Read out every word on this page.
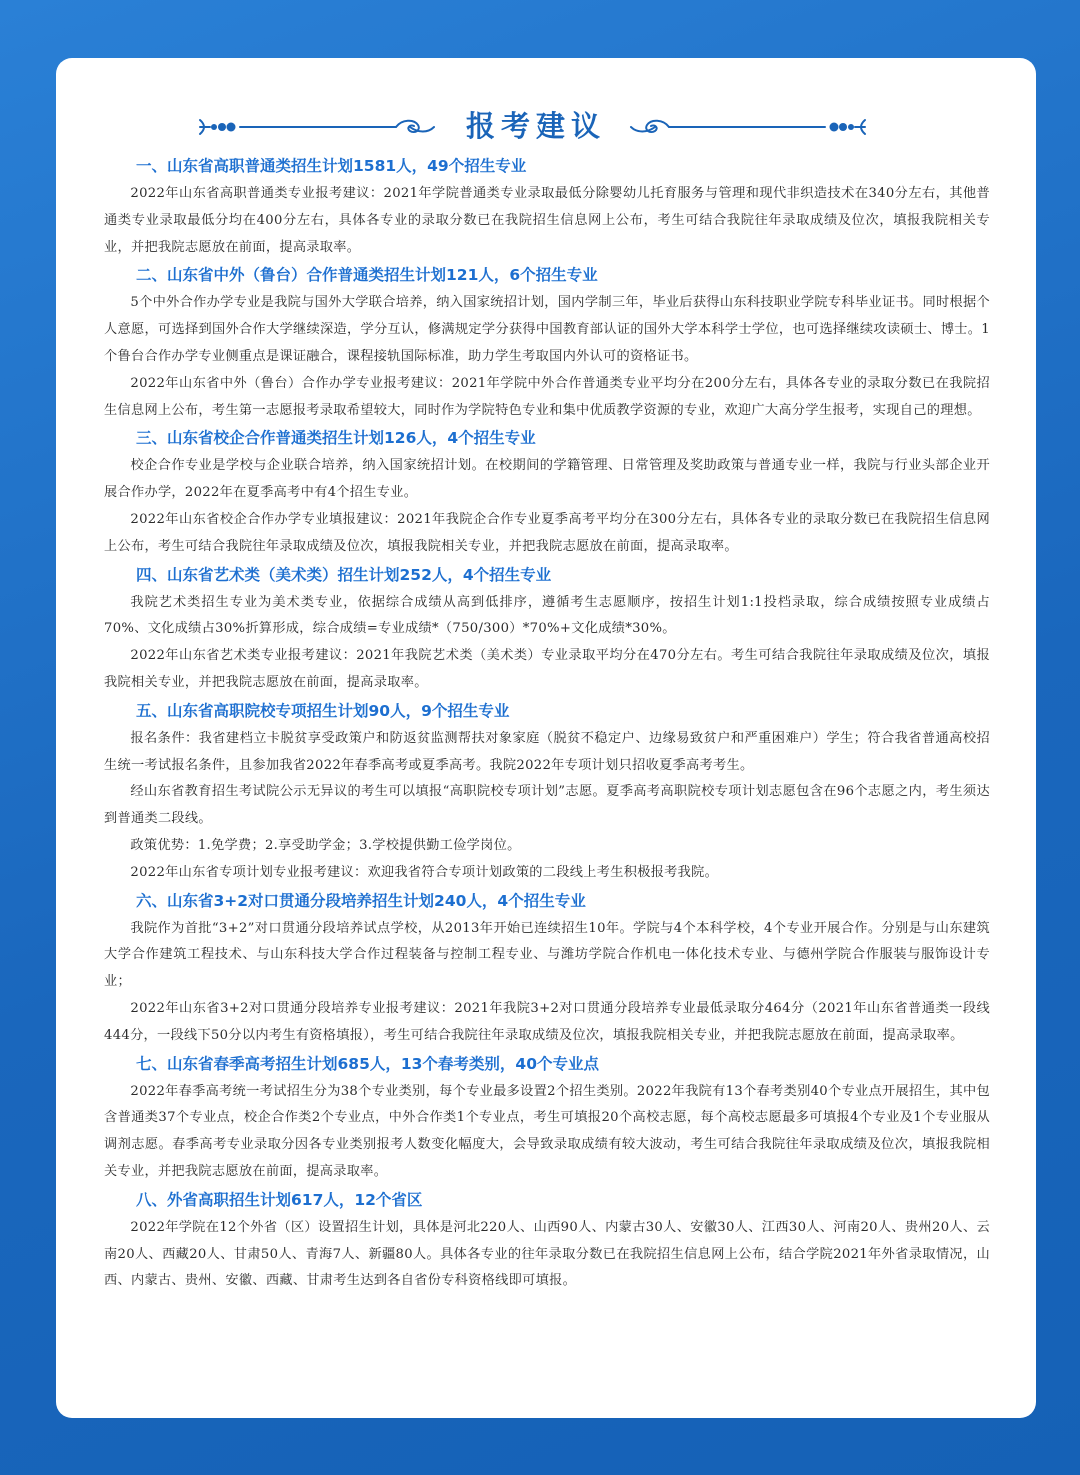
报考建议
一、山东省高职普通类招生计划1581人，49个招生专业

2022年山东省高职普通类专业报考建议：2021年学院普通类专业录取最低分除婴幼儿托育服务与管理和现代非织造技术在340分左右，其他普通类专业录取最低分均在400分左右，具体各专业的录取分数已在我院招生信息网上公布，考生可结合我院往年录取成绩及位次，填报我院相关专业，并把我院志愿放在前面，提高录取率。

二、山东省中外（鲁台）合作普通类招生计划121人，6个招生专业

5个中外合作办学专业是我院与国外大学联合培养，纳入国家统招计划，国内学制三年，毕业后获得山东科技职业学院专科毕业证书。同时根据个人意愿，可选择到国外合作大学继续深造，学分互认，修满规定学分获得中国教育部认证的国外大学本科学士学位，也可选择继续攻读硕士、博士。1个鲁台合作办学专业侧重点是课证融合，课程接轨国际标准，助力学生考取国内外认可的资格证书。

2022年山东省中外（鲁台）合作办学专业报考建议：2021年学院中外合作普通类专业平均分在200分左右，具体各专业的录取分数已在我院招生信息网上公布，考生第一志愿报考录取希望较大，同时作为学院特色专业和集中优质教学资源的专业，欢迎广大高分学生报考，实现自己的理想。

三、山东省校企合作普通类招生计划126人，4个招生专业

校企合作专业是学校与企业联合培养，纳入国家统招计划。在校期间的学籍管理、日常管理及奖助政策与普通专业一样，我院与行业头部企业开展合作办学，2022年在夏季高考中有4个招生专业。

2022年山东省校企合作办学专业填报建议：2021年我院企合作专业夏季高考平均分在300分左右，具体各专业的录取分数已在我院招生信息网上公布，考生可结合我院往年录取成绩及位次，填报我院相关专业，并把我院志愿放在前面，提高录取率。

四、山东省艺术类（美术类）招生计划252人，4个招生专业

我院艺术类招生专业为美术类专业，依据综合成绩从高到低排序，遵循考生志愿顺序，按招生计划1:1投档录取，综合成绩按照专业成绩占70%、文化成绩占30%折算形成，综合成绩=专业成绩*（750/300）*70%+文化成绩*30%。

2022年山东省艺术类专业报考建议：2021年我院艺术类（美术类）专业录取平均分在470分左右。考生可结合我院往年录取成绩及位次，填报我院相关专业，并把我院志愿放在前面，提高录取率。

五、山东省高职院校专项招生计划90人，9个招生专业

报名条件：我省建档立卡脱贫享受政策户和防返贫监测帮扶对象家庭（脱贫不稳定户、边缘易致贫户和严重困难户）学生；符合我省普通高校招生统一考试报名条件，且参加我省2022年春季高考或夏季高考。我院2022年专项计划只招收夏季高考考生。

经山东省教育招生考试院公示无异议的考生可以填报“高职院校专项计划”志愿。夏季高考高职院校专项计划志愿包含在96个志愿之内，考生须达到普通类二段线。

政策优势：1.免学费；2.享受助学金；3.学校提供勤工俭学岗位。

2022年山东省专项计划专业报考建议：欢迎我省符合专项计划政策的二段线上考生积极报考我院。

六、山东省3+2对口贯通分段培养招生计划240人，4个招生专业

我院作为首批“3+2”对口贯通分段培养试点学校，从2013年开始已连续招生10年。学院与4个本科学校，4个专业开展合作。分别是与山东建筑大学合作建筑工程技术、与山东科技大学合作过程装备与控制工程专业、与潍坊学院合作机电一体化技术专业、与德州学院合作服装与服饰设计专业；

2022年山东省3+2对口贯通分段培养专业报考建议：2021年我院3+2对口贯通分段培养专业最低录取分464分（2021年山东省普通类一段线444分，一段线下50分以内考生有资格填报），考生可结合我院往年录取成绩及位次，填报我院相关专业，并把我院志愿放在前面，提高录取率。

七、山东省春季高考招生计划685人，13个春考类别，40个专业点

2022年春季高考统一考试招生分为38个专业类别，每个专业最多设置2个招生类别。2022年我院有13个春考类别40个专业点开展招生，其中包含普通类37个专业点，校企合作类2个专业点，中外合作类1个专业点，考生可填报20个高校志愿，每个高校志愿最多可填报4个专业及1个专业服从调剂志愿。春季高考专业录取分因各专业类别报考人数变化幅度大，会导致录取成绩有较大波动，考生可结合我院往年录取成绩及位次，填报我院相关专业，并把我院志愿放在前面，提高录取率。

八、外省高职招生计划617人，12个省区

2022年学院在12个外省（区）设置招生计划，具体是河北220人、山西90人、内蒙古30人、安徽30人、江西30人、河南20人、贵州20人、云南20人、西藏20人、甘肃50人、青海7人、新疆80人。具体各专业的往年录取分数已在我院招生信息网上公布，结合学院2021年外省录取情况，山西、内蒙古、贵州、安徽、西藏、甘肃考生达到各自省份专科资格线即可填报。
